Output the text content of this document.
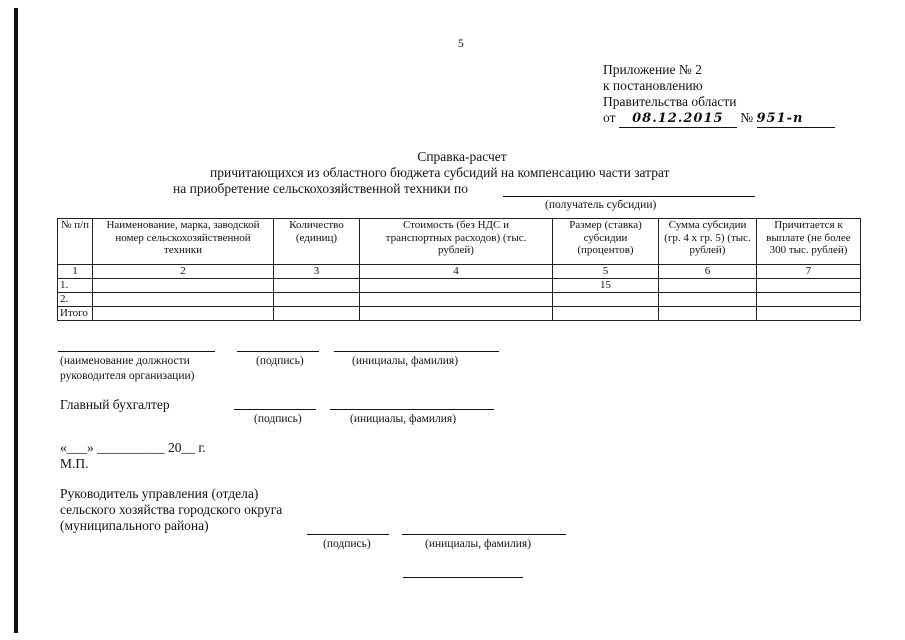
5
Приложение № 2
к постановлению
Правительства области
от 08.12.2015 № 951-п
Справка-расчет
причитающихся из областного бюджета субсидий на компенсацию части затрат
на приобретение сельскохозяйственной техники по
(получатель субсидии)
№ п/п	Наименование, марка, заводской номер сельскохозяйственной техники	Количество (единиц)	Стоимость (без НДС и транспортных расходов) (тыс. рублей)	Размер (ставка) субсидии (процентов)	Сумма субсидии (гр. 4 х гр. 5) (тыс. рублей)	Причитается к выплате (не более 300 тыс. рублей)
1	2	3	4	5	6	7
1.				15		
2.						
Итого						
(наименование должности
руководителя организации)
(подпись)	(инициалы, фамилия)
Главный бухгалтер
(подпись)	(инициалы, фамилия)
«___» __________ 20__ г.
М.П.
Руководитель управления (отдела)
сельского хозяйства городского округа
(муниципального района)
(подпись)	(инициалы, фамилия)
